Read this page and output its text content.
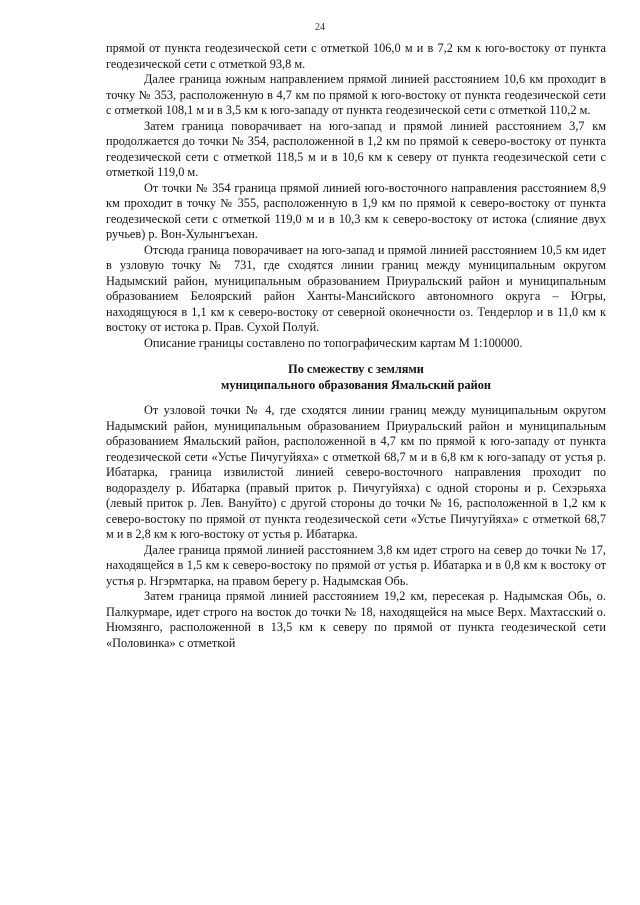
24

прямой от пункта геодезической сети с отметкой 106,0 м и в 7,2 км к юго-востоку от пункта геодезической сети с отметкой 93,8 м.

Далее граница южным направлением прямой линией расстоянием 10,6 км проходит в точку № 353, расположенную в 4,7 км по прямой к юго-востоку от пункта геодезической сети с отметкой 108,1 м и в 3,5 км к юго-западу от пункта геодезической сети с отметкой 110,2 м.

Затем граница поворачивает на юго-запад и прямой линией расстоянием 3,7 км продолжается до точки № 354, расположенной в 1,2 км по прямой к северо-востоку от пункта геодезической сети с отметкой 118,5 м и в 10,6 км к северу от пункта геодезической сети с отметкой 119,0 м.

От точки № 354 граница прямой линией юго-восточного направления расстоянием 8,9 км проходит в точку № 355, расположенную в 1,9 км по прямой к северо-востоку от пункта геодезической сети с отметкой 119,0 м и в 10,3 км к северо-востоку от истока (слияние двух ручьев) р. Вон-Хулынгъехан.

Отсюда граница поворачивает на юго-запад и прямой линией расстоянием 10,5 км идет в узловую точку № 731, где сходятся линии границ между муниципальным округом Надымский район, муниципальным образованием Приуральский район и муниципальным образованием Белоярский район Ханты-Мансийского автономного округа – Югры, находящуюся в 1,1 км к северо-востоку от северной оконечности оз. Тендерлор и в 11,0 км к востоку от истока р. Прав. Сухой Полуй.

Описание границы составлено по топографическим картам М 1:100000.

По смежеству с землями
муниципального образования Ямальский район

От узловой точки № 4, где сходятся линии границ между муниципальным округом Надымский район, муниципальным образованием Приуральский район и муниципальным образованием Ямальский район, расположенной в 4,7 км по прямой к юго-западу от пункта геодезической сети «Устье Пичугуйяха» с отметкой 68,7 м и в 6,8 км к юго-западу от устья р. Ибатарка, граница извилистой линией северо-восточного направления проходит по водоразделу р. Ибатарка (правый приток р. Пичугуйяха) с одной стороны и р. Сехэрьяха (левый приток р. Лев. Вануйто) с другой стороны до точки № 16, расположенной в 1,2 км к северо-востоку по прямой от пункта геодезической сети «Устье Пичугуйяха» с отметкой 68,7 м и в 2,8 км к юго-востоку от устья р. Ибатарка.

Далее граница прямой линией расстоянием 3,8 км идет строго на север до точки № 17, находящейся в 1,5 км к северо-востоку по прямой от устья р. Ибатарка и в 0,8 км к востоку от устья р. Нгэрмтарка, на правом берегу р. Надымская Обь.

Затем граница прямой линией расстоянием 19,2 км, пересекая р. Надымская Обь, о. Палкурмаре, идет строго на восток до точки № 18, находящейся на мысе Верх. Махтасский о. Нюмзянго, расположенной в 13,5 км к северу по прямой от пункта геодезической сети «Половинка» с отметкой
